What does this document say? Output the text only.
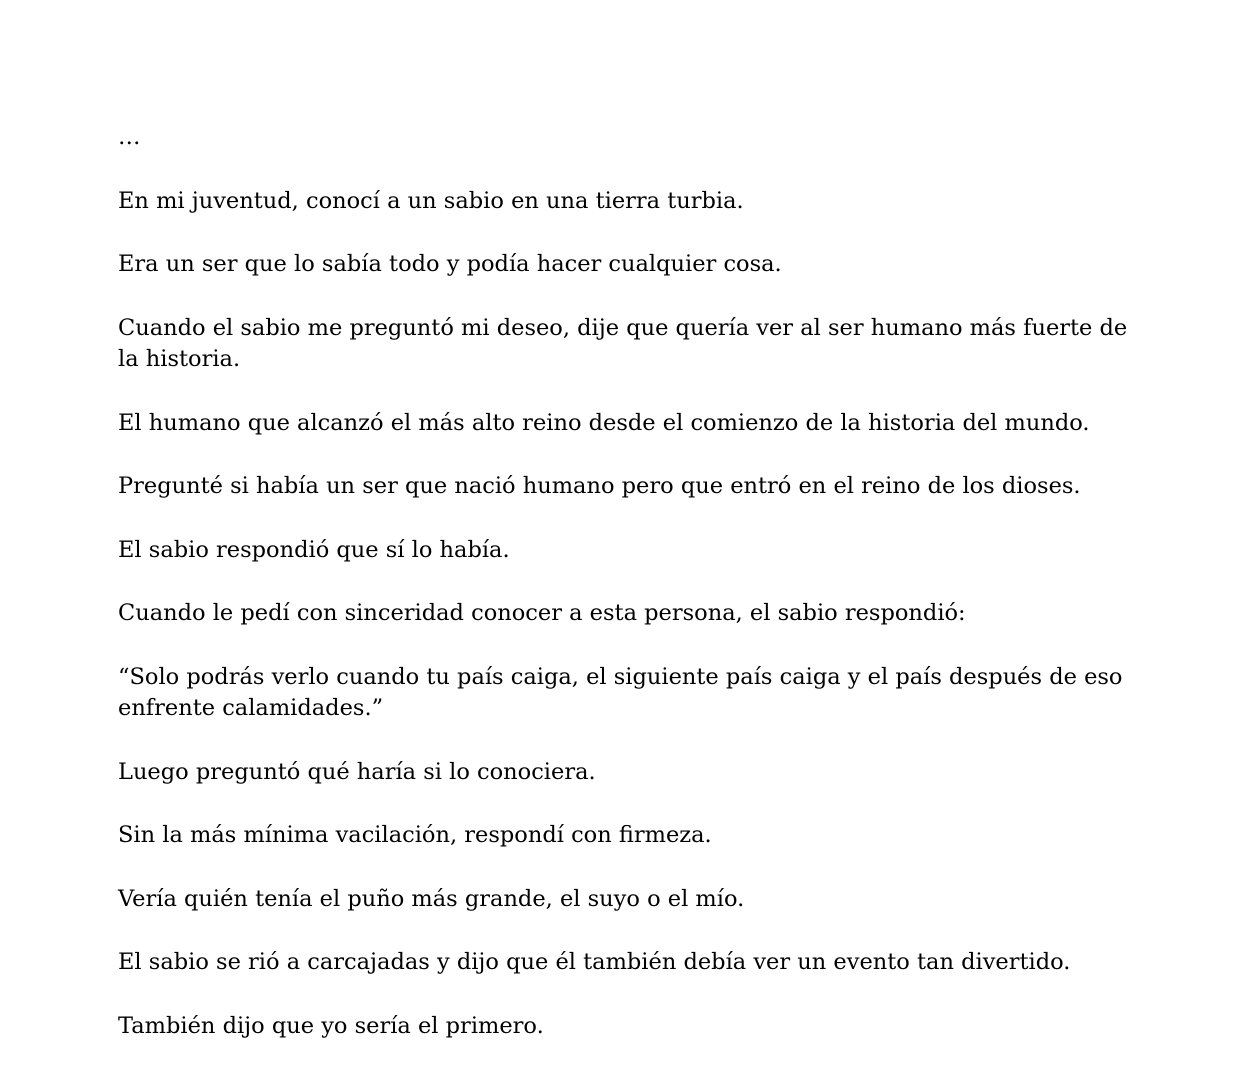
…

En mi juventud, conocí a un sabio en una tierra turbia.

Era un ser que lo sabía todo y podía hacer cualquier cosa.

Cuando el sabio me preguntó mi deseo, dije que quería ver al ser humano más fuerte de la historia.

El humano que alcanzó el más alto reino desde el comienzo de la historia del mundo.

Pregunté si había un ser que nació humano pero que entró en el reino de los dioses.

El sabio respondió que sí lo había.

Cuando le pedí con sinceridad conocer a esta persona, el sabio respondió:

“Solo podrás verlo cuando tu país caiga, el siguiente país caiga y el país después de eso enfrente calamidades.”

Luego preguntó qué haría si lo conociera.

Sin la más mínima vacilación, respondí con firmeza.

Vería quién tenía el puño más grande, el suyo o el mío.

El sabio se rió a carcajadas y dijo que él también debía ver un evento tan divertido.

También dijo que yo sería el primero.
